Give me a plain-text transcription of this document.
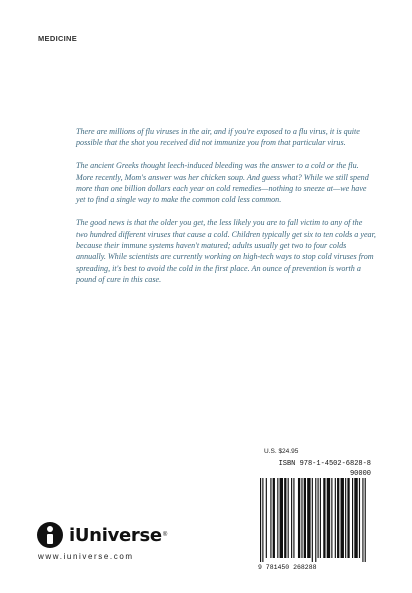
MEDICINE

There are millions of flu viruses in the air, and if you're exposed to a flu virus, it is quite possible that the shot you received did not immunize you from that particular virus.

The ancient Greeks thought leech-induced bleeding was the answer to a cold or the flu. More recently, Mom's answer was her chicken soup. And guess what? While we still spend more than one billion dollars each year on cold remedies—nothing to sneeze at—we have yet to find a single way to make the common cold less common.

The good news is that the older you get, the less likely you are to fall victim to any of the two hundred different viruses that cause a cold. Children typically get six to ten colds a year, because their immune systems haven't matured; adults usually get two to four colds annually. While scientists are currently working on high-tech ways to stop cold viruses from spreading, it's best to avoid the cold in the first place. An ounce of prevention is worth a pound of cure in this case.

U.S. $24.95
ISBN 978-1-4502-6828-8
90000
9 781450 268288
iUniverse ®
www.iuniverse.com
